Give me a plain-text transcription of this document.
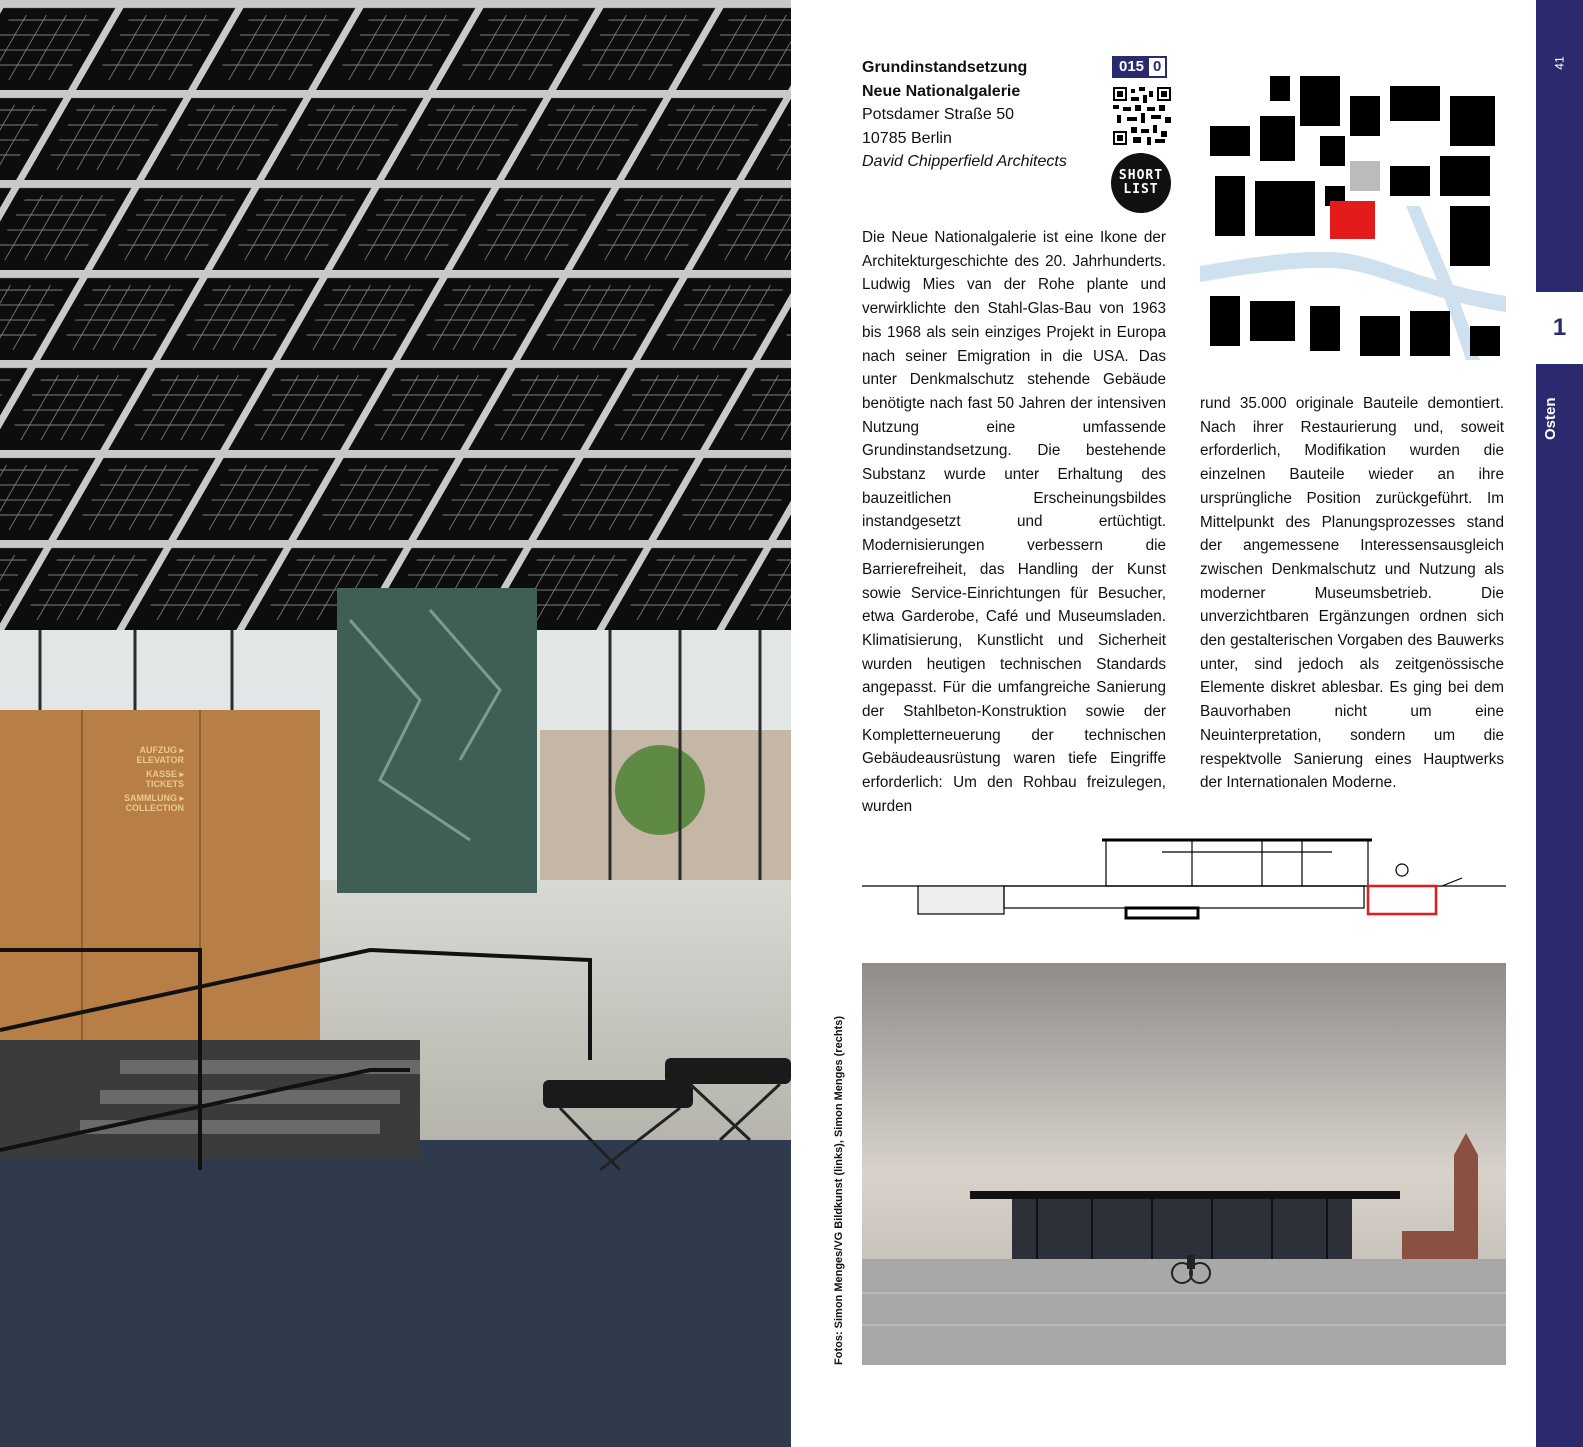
AUFZUG ▸
ELEVATOR
KASSE ▸
TICKETS
SAMMLUNG ▸
COLLECTION
Grundinstandsetzung
Neue Nationalgalerie
Potsdamer Straße 50
10785 Berlin
David Chipperfield Architects
015 0
SHORT
LIST
Die Neue Nationalgalerie ist eine Ikone der Architekturgeschichte des 20. Jahrhunderts. Ludwig Mies van der Rohe plante und verwirklichte den Stahl-Glas-Bau von 1963 bis 1968 als sein einziges Projekt in Europa nach seiner Emigration in die USA. Das unter Denkmalschutz stehende Gebäude benötigte nach fast 50 Jahren der intensiven Nutzung eine umfassende Grundinstandsetzung. Die bestehende Substanz wurde unter Erhaltung des bauzeitlichen Erscheinungsbildes instandgesetzt und ertüchtigt. Modernisierungen verbessern die Barrierefreiheit, das Handling der Kunst sowie Service-Einrichtungen für Besucher, etwa Garderobe, Café und Museumsladen. Klimatisierung, Kunstlicht und Sicherheit wurden heutigen technischen Standards angepasst. Für die umfangreiche Sanierung der Stahlbeton-Konstruktion sowie der Kompletterneuerung der technischen Gebäudeausrüstung waren tiefe Eingriffe erforderlich: Um den Rohbau freizulegen, wurden
rund 35.000 originale Bauteile demontiert. Nach ihrer Restaurierung und, soweit erforderlich, Modifikation wurden die einzelnen Bauteile wieder an ihre ursprüngliche Position zurückgeführt. Im Mittelpunkt des Planungsprozesses stand der angemessene Interessensausgleich zwischen Denkmalschutz und Nutzung als moderner Museumsbetrieb. Die unverzichtbaren Ergänzungen ordnen sich den gestalterischen Vorgaben des Bauwerks unter, sind jedoch als zeitgenössische Elemente diskret ablesbar. Es ging bei dem Bauvorhaben nicht um eine Neuinterpretation, sondern um die respektvolle Sanierung eines Hauptwerks der Internationalen Moderne.
Fotos: Simon Menges/VG Bildkunst (links), Simon Menges (rechts)
41
1
Osten
